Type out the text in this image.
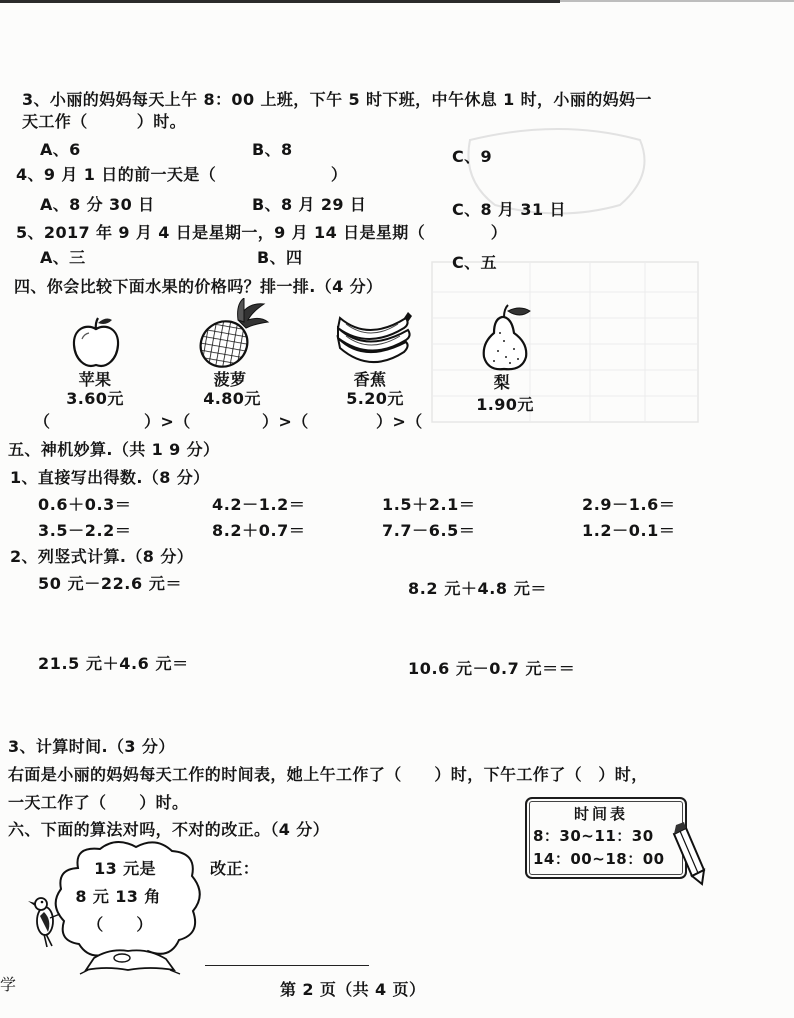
3、小丽的妈妈每天上午 8：00 上班，下午 5 时下班，中午休息 1 时，小丽的妈妈一
天工作（　　　）时。
A、6	B、8	C、9
4、9 月 1 日的前一天是（　　　　　　　）
A、8 分 30 日	B、8 月 29 日	C、8 月 31 日
5、2017 年 9 月 4 日是星期一，9 月 14 日是星期（　　　　）
A、三	B、四	C、五
四、你会比较下面水果的价格吗？排一排.（4 分）
苹果
3.60元
菠萝
4.80元
香蕉
5.20元
梨
1.90元
（	）>（	）>（	）>（
五、神机妙算.（共 1 9 分）
1、直接写出得数.（8 分）
0.6＋0.3＝	4.2－1.2＝	1.5＋2.1＝	2.9－1.6＝
3.5－2.2＝	8.2＋0.7＝	7.7－6.5＝	1.2－0.1＝
2、列竖式计算.（8 分）
50 元－22.6 元＝	8.2 元＋4.8 元＝
21.5 元＋4.6 元＝	10.6 元－0.7 元＝＝
3、计算时间.（3 分）
右面是小丽的妈妈每天工作的时间表，她上午工作了（　　）时，下午工作了（　）时，
一天工作了（　　）时。
时间表
8：30~11：30
14：00~18：00
六、下面的算法对吗，不对的改正。（4 分）
13 元是
8 元 13 角
（　　）
改正：
第 2 页（共 4 页）
学
